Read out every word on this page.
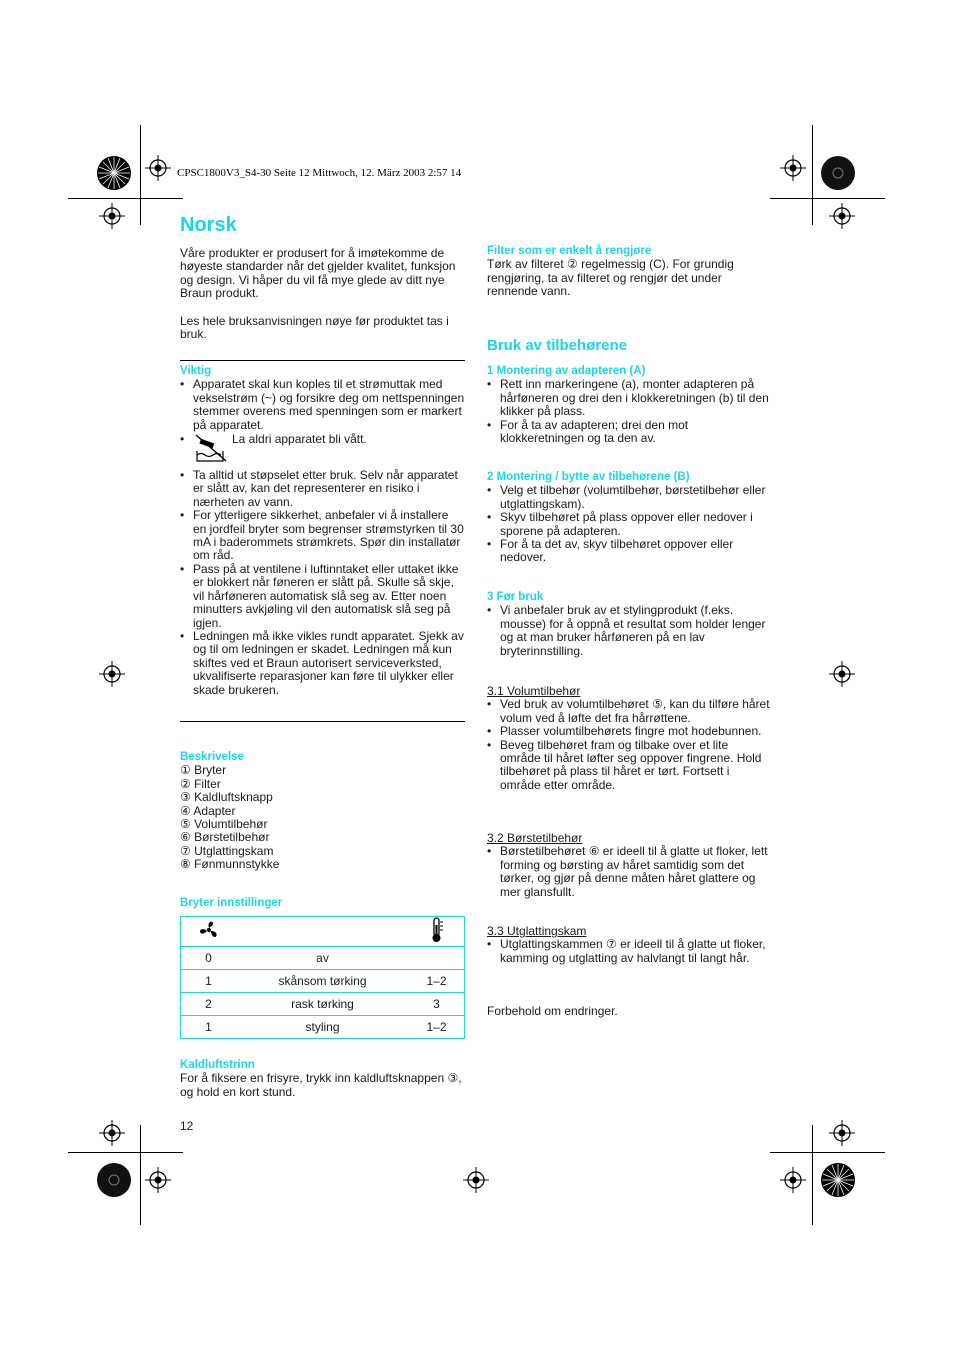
CPSC1800V3_S4-30 Seite 12 Mittwoch, 12. März 2003 2:57 14
Norsk

Våre produkter er produsert for å imøtekomme de høyeste standarder når det gjelder kvalitet, funksjon og design. Vi håper du vil få mye glede av ditt nye Braun produkt.

Les hele bruksanvisningen nøye før produktet tas i bruk.

Viktig

• Apparatet skal kun koples til et strømuttak med vekselstrøm (~) og forsikre deg om nettspenningen stemmer overens med spenningen som er markert på apparatet.
• La aldri apparatet bli vått.
• Ta alltid ut støpselet etter bruk. Selv når apparatet er slått av, kan det representerer en risiko i nærheten av vann.
• For ytterligere sikkerhet, anbefaler vi å installere en jordfeil bryter som begrenser strømstyrken til 30 mA i baderommets strømkrets. Spør din installatør om råd.
• Pass på at ventilene i luftinntaket eller uttaket ikke er blokkert når føneren er slått på. Skulle så skje, vil hårføneren automatisk slå seg av. Etter noen minutters avkjøling vil den automatisk slå seg på igjen.
• Ledningen må ikke vikles rundt apparatet. Sjekk av og til om ledningen er skadet. Ledningen må kun skiftes ved et Braun autorisert serviceverksted, ukvalifiserte reparasjoner kan føre til ulykker eller skade brukeren.

Beskrivelse

① Bryter

② Filter

③ Kaldluftsknapp

④ Adapter

⑤ Volumtilbehør

⑥ Børstetilbehør

⑦ Utglattingskam

⑧ Fønmunnstykke

Bryter innstillinger

0	av	
1	skånsom tørking	1–2
2	rask tørking	3
1	styling	1–2

Kaldluftstrinn

For å fiksere en frisyre, trykk inn kaldluftsknappen ③, og hold en kort stund.

12

Filter som er enkelt å rengjøre

Tørk av filteret ② regelmessig (C). For grundig rengjøring, ta av filteret og rengjør det under rennende vann.

Bruk av tilbehørene

1 Montering av adapteren (A)

• Rett inn markeringene (a), monter adapteren på hårføneren og drei den i klokkeretningen (b) til den klikker på plass.
• For å ta av adapteren; drei den mot klokkeretningen og ta den av.

2 Montering / bytte av tilbehørene (B)

• Velg et tilbehør (volumtilbehør, børstetilbehør eller utglattingskam).
• Skyv tilbehøret på plass oppover eller nedover i sporene på adapteren.
• For å ta det av, skyv tilbehøret oppover eller nedover.

3 Før bruk

• Vi anbefaler bruk av et stylingprodukt (f.eks. mousse) for å oppnå et resultat som holder lenger og at man bruker hårføneren på en lav bryterinnstilling.

3.1 Volumtilbehør

• Ved bruk av volumtilbehøret ⑤, kan du tilføre håret volum ved å løfte det fra hårrøttene.
• Plasser volumtilbehørets fingre mot hodebunnen.
• Beveg tilbehøret fram og tilbake over et lite område til håret løfter seg oppover fingrene. Hold tilbehøret på plass til håret er tørt. Fortsett i område etter område.

3.2 Børstetilbehør

• Børstetilbehøret ⑥ er ideell til å glatte ut floker, lett forming og børsting av håret samtidig som det tørker, og gjør på denne måten håret glattere og mer glansfullt.

3.3 Utglattingskam

• Utglattingskammen ⑦ er ideell til å glatte ut floker, kamming og utglatting av halvlangt til langt hår.
Forbehold om endringer.
